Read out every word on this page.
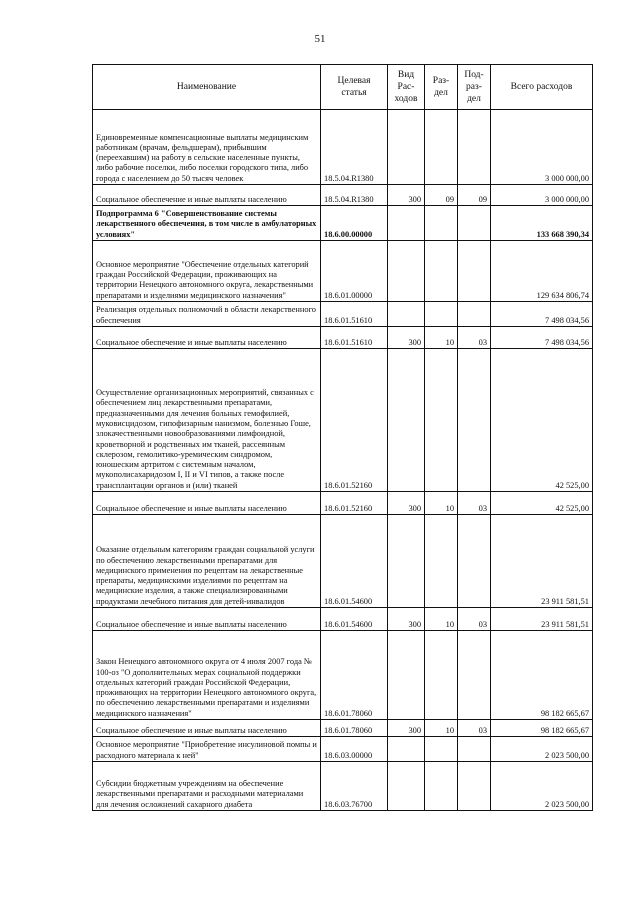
51
Наименование	Целевая статья	Вид Рас-ходов	Раз-дел	Под-раз-дел	Всего расходов
Единовременные компенсационные выплаты медицинским работникам (врачам, фельдшерам), прибывшим (переехавшим) на работу в сельские населенные пункты, либо рабочие поселки, либо поселки городского типа, либо города с населением до 50 тысяч человек	18.5.04.R1380				3 000 000,00
Социальное обеспечение и иные выплаты населению	18.5.04.R1380	300	09	09	3 000 000,00
Подпрограмма 6 "Совершенствование системы лекарственного обеспечения, в том числе в амбулаторных условиях"	18.6.00.00000				133 668 390,34
Основное мероприятие "Обеспечение отдельных категорий граждан Российской Федерации, проживающих на территории Ненецкого автономного округа, лекарственными препаратами и изделиями медицинского назначения"	18.6.01.00000				129 634 806,74
Реализация отдельных полномочий в области лекарственного обеспечения	18.6.01.51610				7 498 034,56
Социальное обеспечение и иные выплаты населению	18.6.01.51610	300	10	03	7 498 034,56
Осуществление организационных мероприятий, связанных с обеспечением лиц лекарственными препаратами, предназначенными для лечения больных гемофилией, муковисцидозом, гипофизарным нанизмом, болезнью Гоше, злокачественными новообразованиями лимфоидной, кроветворной и родственных им тканей, рассеянным склерозом, гемолитико-уремическим синдромом, юношеским артритом с системным началом, мукополисахаридозом I, II и VI типов, а также после трансплантации органов и (или) тканей	18.6.01.52160				42 525,00
Социальное обеспечение и иные выплаты населению	18.6.01.52160	300	10	03	42 525,00
Оказание отдельным категориям граждан социальной услуги по обеспечению лекарственными препаратами для медицинского применения по рецептам на лекарственные препараты, медицинскими изделиями по рецептам на медицинские изделия, а также специализированными продуктами лечебного питания для детей-инвалидов	18.6.01.54600				23 911 581,51
Социальное обеспечение и иные выплаты населению	18.6.01.54600	300	10	03	23 911 581,51
Закон Ненецкого автономного округа от 4 июля 2007 года № 100-оз "О дополнительных мерах социальной поддержки отдельных категорий граждан Российской Федерации, проживающих на территории Ненецкого автономного округа, по обеспечению лекарственными препаратами и изделиями медицинского назначения"	18.6.01.78060				98 182 665,67
Социальное обеспечение и иные выплаты населению	18.6.01.78060	300	10	03	98 182 665,67
Основное мероприятие "Приобретение инсулиновой помпы и расходного материала к ней"	18.6.03.00000				2 023 500,00
Субсидии бюджетным учреждениям на обеспечение лекарственными препаратами и расходными материалами для лечения осложнений сахарного диабета	18.6.03.76700				2 023 500,00
